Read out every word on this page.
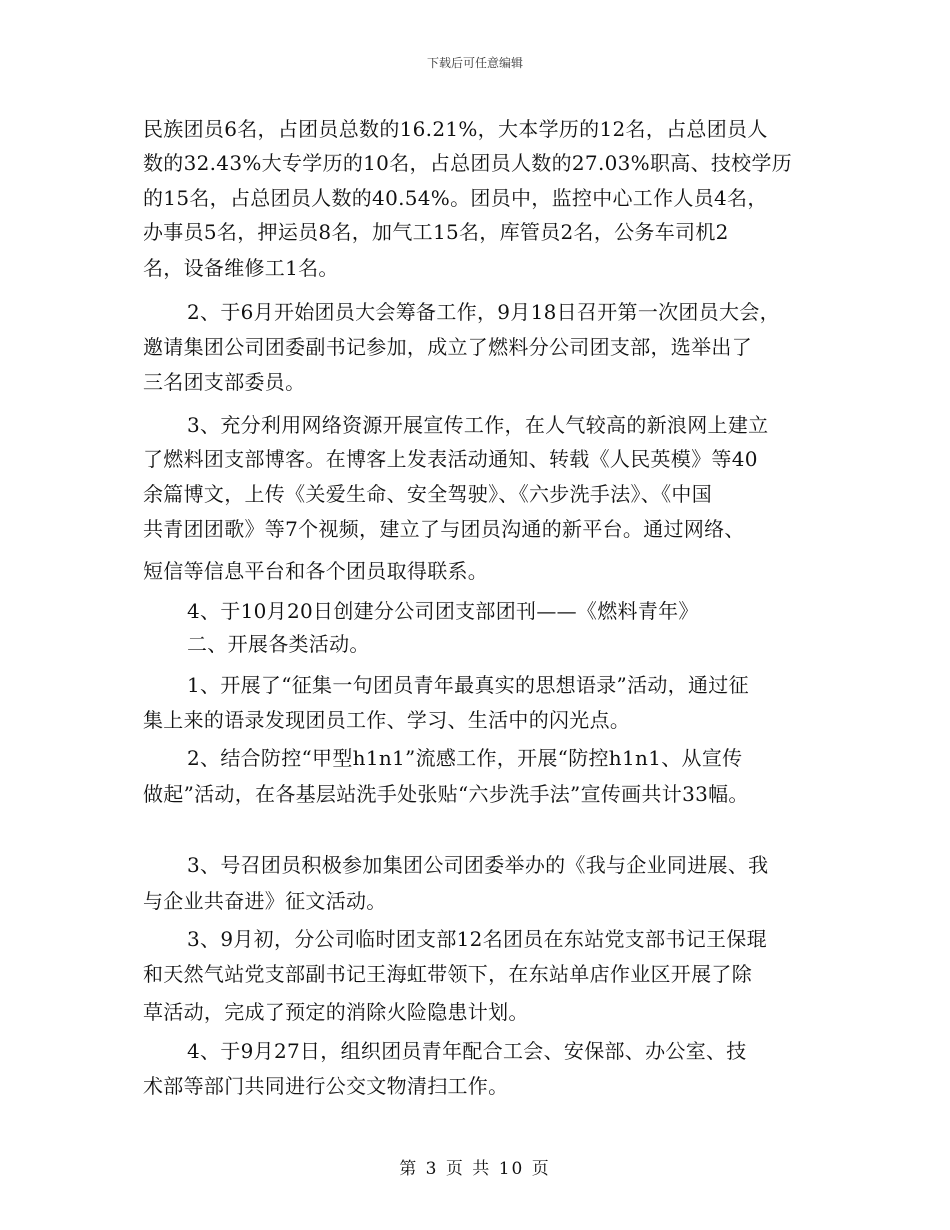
下载后可任意编辑
民族团员6名，占团员总数的16.21%，大本学历的12名，占总团员人
数的32.43%大专学历的10名，占总团员人数的27.03%职高、技校学历
的15名，占总团员人数的40.54%。团员中，监控中心工作人员4名，
办事员5名，押运员8名，加气工15名，库管员2名，公务车司机2
名，设备维修工1名。
2、于6月开始团员大会筹备工作，9月18日召开第一次团员大会，
邀请集团公司团委副书记参加，成立了燃料分公司团支部，选举出了
三名团支部委员。
3、充分利用网络资源开展宣传工作，在人气较高的新浪网上建立
了燃料团支部博客。在博客上发表活动通知、转载《人民英模》等40
余篇博文，上传《关爱生命、安全驾驶》、《六步洗手法》、《中国
共青团团歌》等7个视频，建立了与团员沟通的新平台。通过网络、
短信等信息平台和各个团员取得联系。
4、于10月20日创建分公司团支部团刊——《燃料青年》
二、开展各类活动。
1、开展了“征集一句团员青年最真实的思想语录”活动，通过征
集上来的语录发现团员工作、学习、生活中的闪光点。
2、结合防控“甲型h1n1”流感工作，开展“防控h1n1、从宣传
做起”活动，在各基层站洗手处张贴“六步洗手法”宣传画共计33幅。
3、号召团员积极参加集团公司团委举办的《我与企业同进展、我
与企业共奋进》征文活动。
3、9月初，分公司临时团支部12名团员在东站党支部书记王保琨
和天然气站党支部副书记王海虹带领下，在东站单店作业区开展了除
草活动，完成了预定的消除火险隐患计划。
4、于9月27日，组织团员青年配合工会、安保部、办公室、技
术部等部门共同进行公交文物清扫工作。
第 3 页 共 10 页
